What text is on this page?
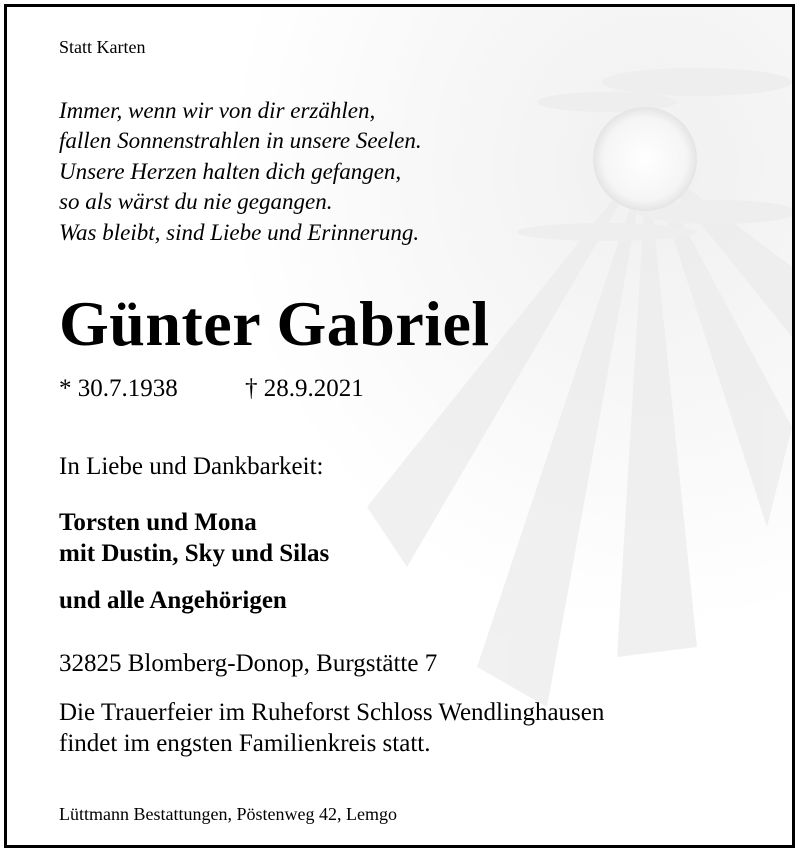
Statt Karten

Immer, wenn wir von dir erzählen,

fallen Sonnenstrahlen in unsere Seelen.

Unsere Herzen halten dich gefangen,

so als wärst du nie gegangen.

Was bleibt, sind Liebe und Erinnerung.

Günter Gabriel

* 30.7.1938	† 28.9.2021

In Liebe und Dankbarkeit:

Torsten und Mona

mit Dustin, Sky und Silas

und alle Angehörigen

32825 Blomberg-Donop, Burgstätte 7

Die Trauerfeier im Ruheforst Schloss Wendlinghausen

findet im engsten Familienkreis statt.

Lüttmann Bestattungen, Pöstenweg 42, Lemgo
